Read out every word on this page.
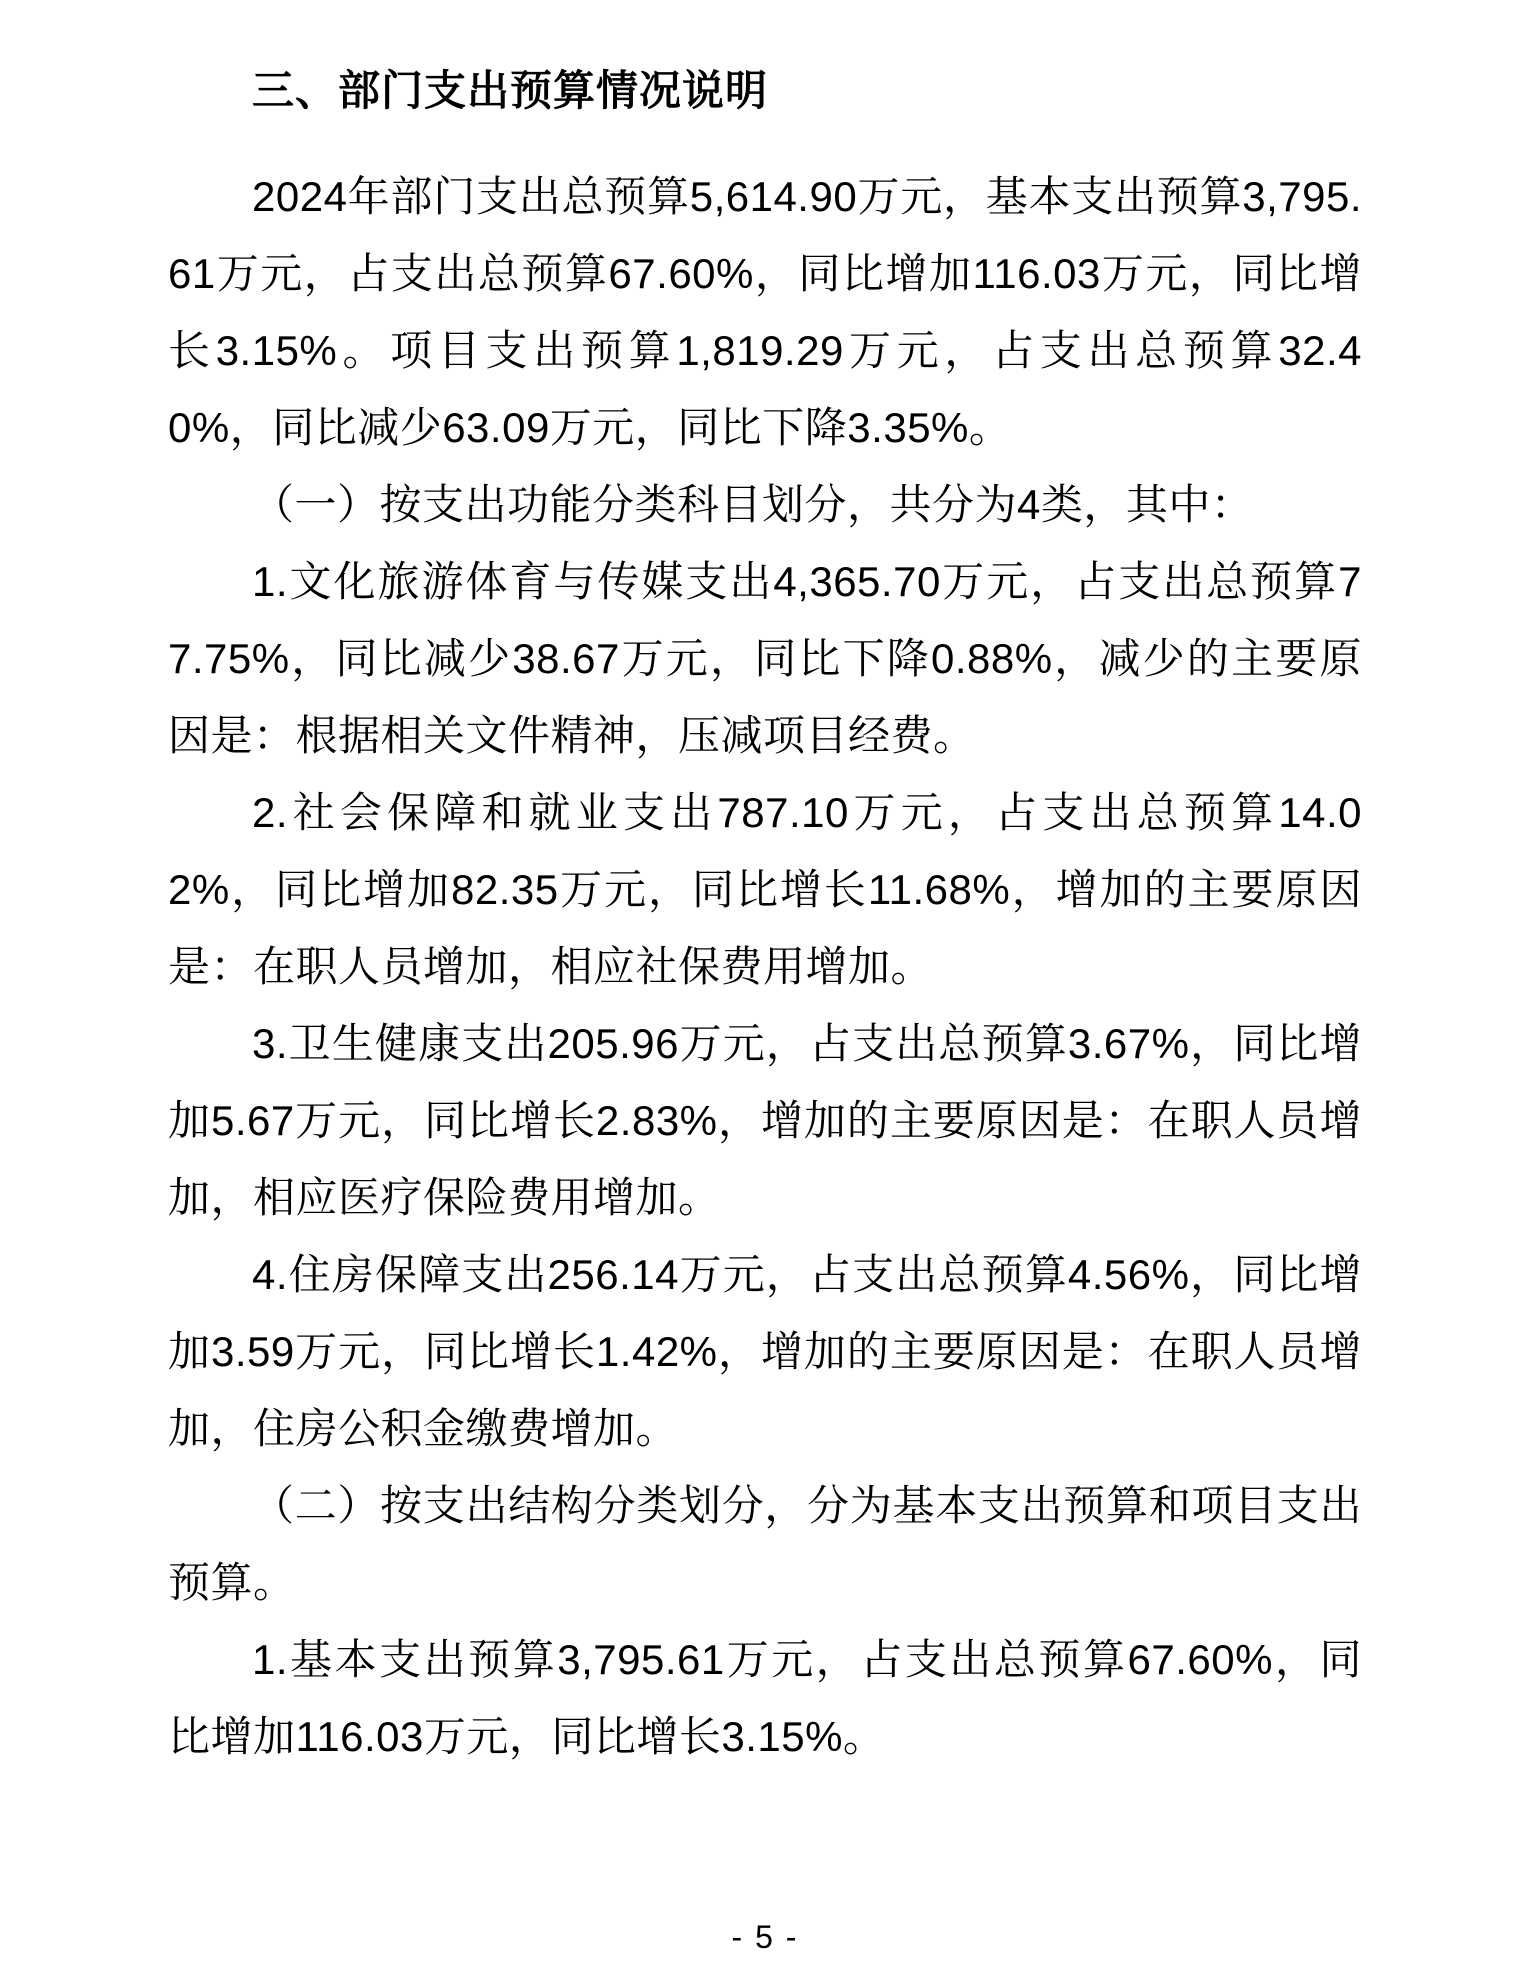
三、部门支出预算情况说明

2024年部门支出总预算5,614.90万元，基本支出预算3,795.61万元，占支出总预算67.60%，同比增加116.03万元，同比增长3.15%。项目支出预算1,819.29万元，占支出总预算32.40%，同比减少63.09万元，同比下降3.35%。

（一）按支出功能分类科目划分，共分为4类，其中：

1.文化旅游体育与传媒支出4,365.70万元，占支出总预算77.75%，同比减少38.67万元，同比下降0.88%，减少的主要原因是：根据相关文件精神，压减项目经费。

2.社会保障和就业支出787.10万元，占支出总预算14.02%，同比增加82.35万元，同比增长11.68%，增加的主要原因是：在职人员增加，相应社保费用增加。

3.卫生健康支出205.96万元，占支出总预算3.67%，同比增加5.67万元，同比增长2.83%，增加的主要原因是：在职人员增加，相应医疗保险费用增加。

4.住房保障支出256.14万元，占支出总预算4.56%，同比增加3.59万元，同比增长1.42%，增加的主要原因是：在职人员增加，住房公积金缴费增加。

（二）按支出结构分类划分，分为基本支出预算和项目支出预算。

1.基本支出预算3,795.61万元，占支出总预算67.60%，同比增加116.03万元，同比增长3.15%。

- 5 -
